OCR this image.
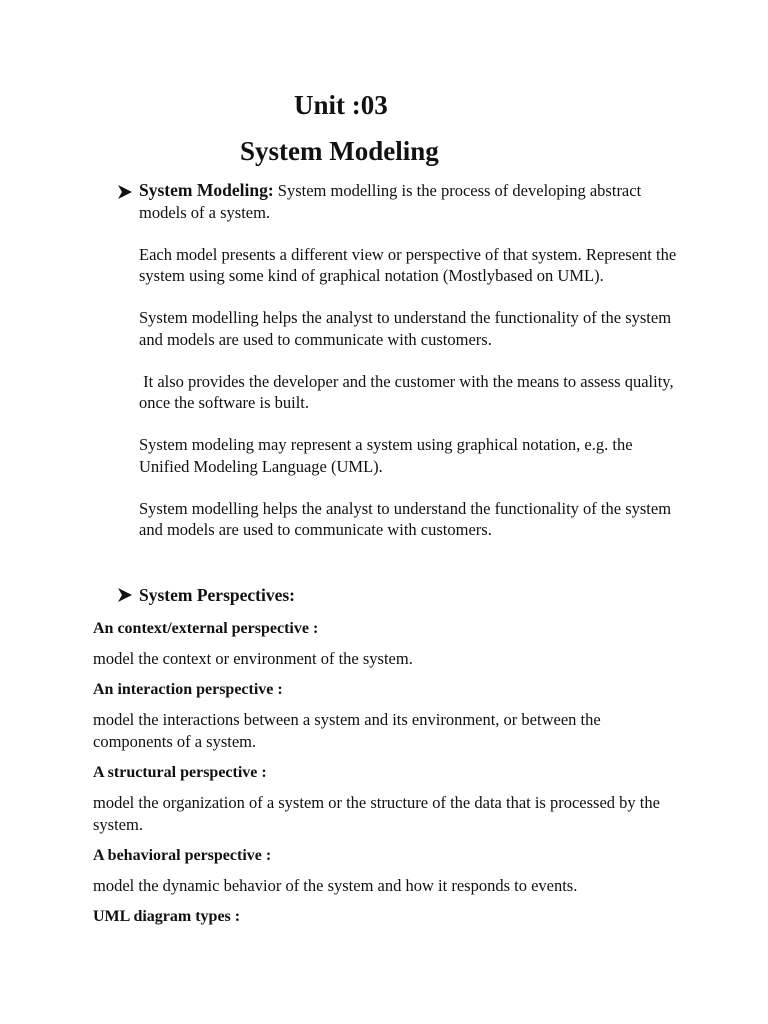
Unit :03
System Modeling

System Modeling: System modelling is the process of developing abstract models of a system.

Each model presents a different view or perspective of that system. Represent the system using some kind of graphical notation (Mostlybased on UML).

System modelling helps the analyst to understand the functionality of the system and models are used to communicate with customers.

It also provides the developer and the customer with the means to assess quality, once the software is built.

System modeling may represent a system using graphical notation, e.g. the Unified Modeling Language (UML).

System modelling helps the analyst to understand the functionality of the system and models are used to communicate with customers.

System Perspectives:
An context/external perspective :
model the context or environment of the system.
An interaction perspective :
model the interactions between a system and its environment, or between the components of a system.
A structural perspective :
model the organization of a system or the structure of the data that is processed by the system.
A behavioral perspective :
model the dynamic behavior of the system and how it responds to events.
UML diagram types :
